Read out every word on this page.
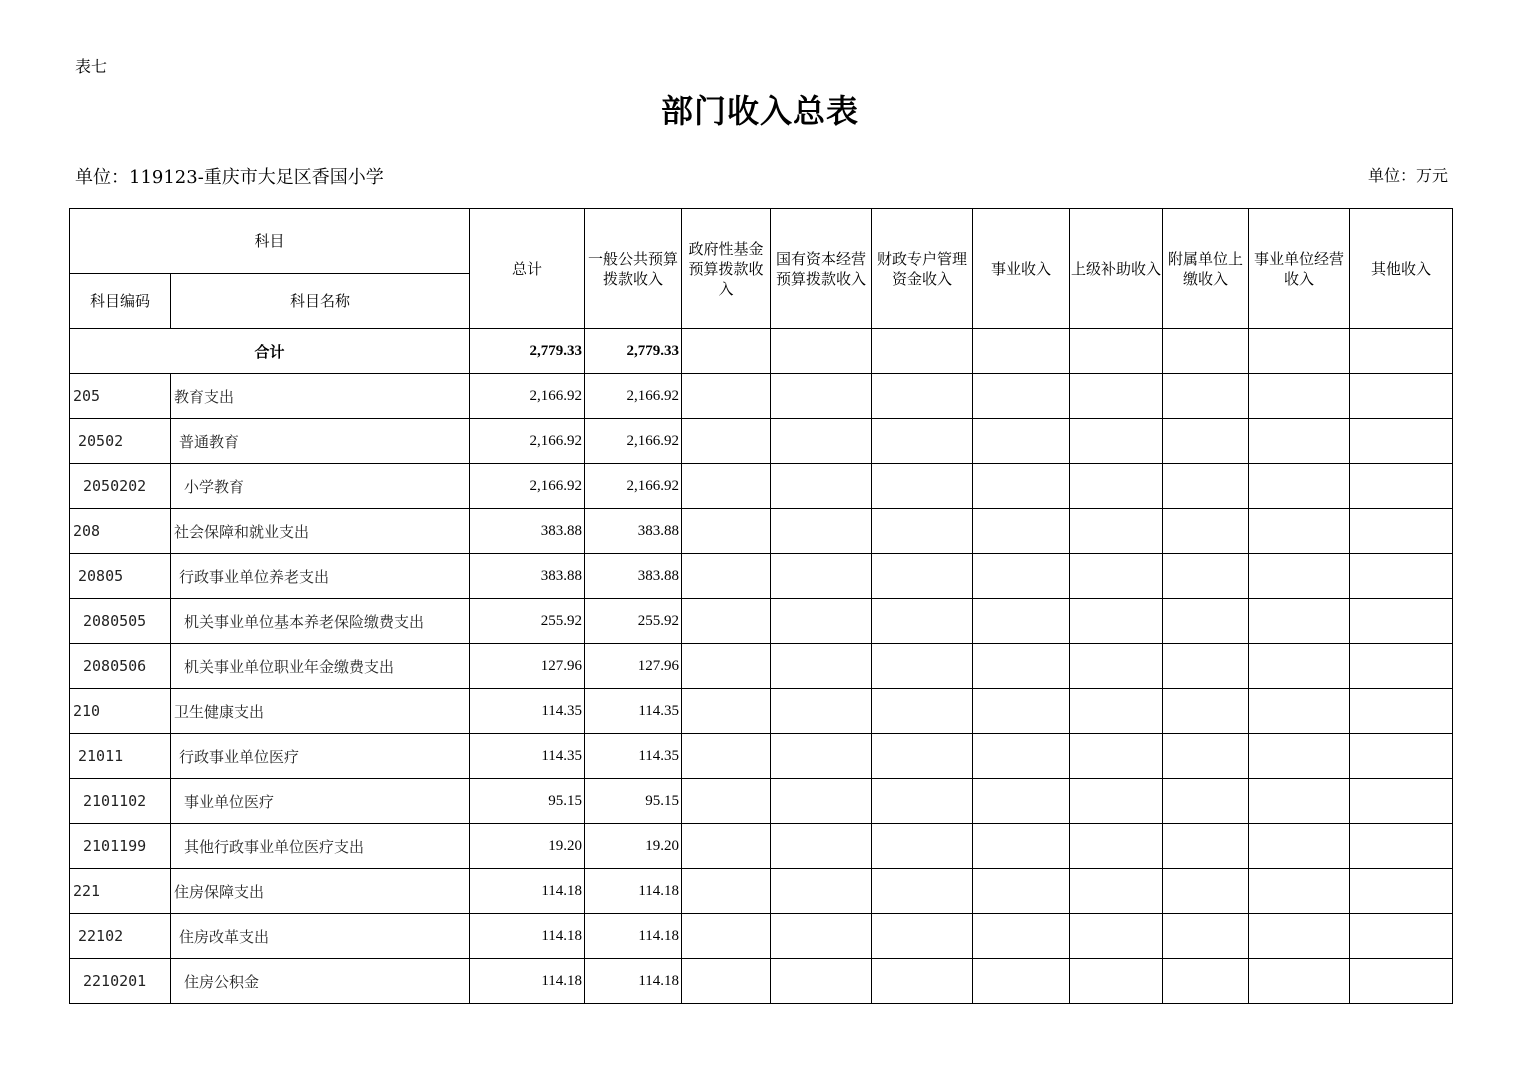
表七
部门收入总表
单位：119123-重庆市大足区香国小学	单位：万元
科目		总计	一般公共预算拨款收入	政府性基金预算拨款收入	国有资本经营预算拨款收入	财政专户管理资金收入	事业收入	上级补助收入	附属单位上缴收入	事业单位经营收入	其他收入
科目编码	科目名称										
合计		2,779.33	2,779.33								
205	教育支出	2,166.92	2,166.92								
20502	普通教育	2,166.92	2,166.92								
2050202	小学教育	2,166.92	2,166.92								
208	社会保障和就业支出	383.88	383.88								
20805	行政事业单位养老支出	383.88	383.88								
2080505	机关事业单位基本养老保险缴费支出	255.92	255.92								
2080506	机关事业单位职业年金缴费支出	127.96	127.96								
210	卫生健康支出	114.35	114.35								
21011	行政事业单位医疗	114.35	114.35								
2101102	事业单位医疗	95.15	95.15								
2101199	其他行政事业单位医疗支出	19.20	19.20								
221	住房保障支出	114.18	114.18								
22102	住房改革支出	114.18	114.18								
2210201	住房公积金	114.18	114.18								
